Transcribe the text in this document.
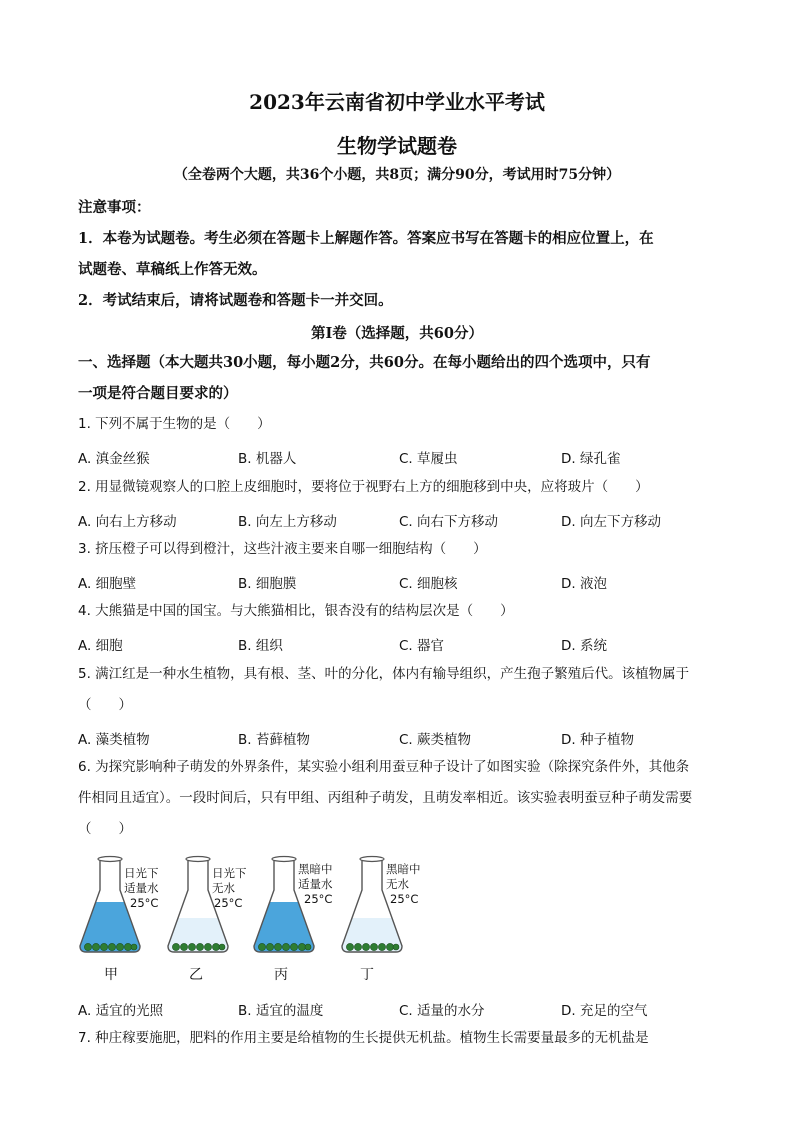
2023年云南省初中学业水平考试
生物学试题卷
（全卷两个大题，共36个小题，共8页；满分90分，考试用时75分钟）
注意事项：
1．本卷为试题卷。考生必须在答题卡上解题作答。答案应书写在答题卡的相应位置上，在
试题卷、草稿纸上作答无效。
2．考试结束后，请将试题卷和答题卡一并交回。
第Ⅰ卷（选择题，共60分）
一、选择题（本大题共30小题，每小题2分，共60分。在每小题给出的四个选项中，只有
一项是符合题目要求的）
1. 下列不属于生物的是（　　）
A. 滇金丝猴	B. 机器人	C. 草履虫	D. 绿孔雀
2. 用显微镜观察人的口腔上皮细胞时，要将位于视野右上方的细胞移到中央，应将玻片（　　）
A. 向右上方移动	B. 向左上方移动	C. 向右下方移动	D. 向左下方移动
3. 挤压橙子可以得到橙汁，这些汁液主要来自哪一细胞结构（　　）
A. 细胞壁	B. 细胞膜	C. 细胞核	D. 液泡
4. 大熊猫是中国的国宝。与大熊猫相比，银杏没有的结构层次是（　　）
A. 细胞	B. 组织	C. 器官	D. 系统
5. 满江红是一种水生植物，具有根、茎、叶的分化，体内有输导组织，产生孢子繁殖后代。该植物属于
（　　）
A. 藻类植物	B. 苔藓植物	C. 蕨类植物	D. 种子植物
6. 为探究影响种子萌发的外界条件，某实验小组利用蚕豆种子设计了如图实验（除探究条件外，其他条
件相同且适宜）。一段时间后，只有甲组、丙组种子萌发，且萌发率相近。该实验表明蚕豆种子萌发需要
（　　）
日光下
适量水
25°C
日光下
无水
25°C
黑暗中
适量水
25°C
黑暗中
无水
25°C
甲	乙	丙	丁
A. 适宜的光照	B. 适宜的温度	C. 适量的水分	D. 充足的空气
7. 种庄稼要施肥，肥料的作用主要是给植物的生长提供无机盐。植物生长需要量最多的无机盐是
